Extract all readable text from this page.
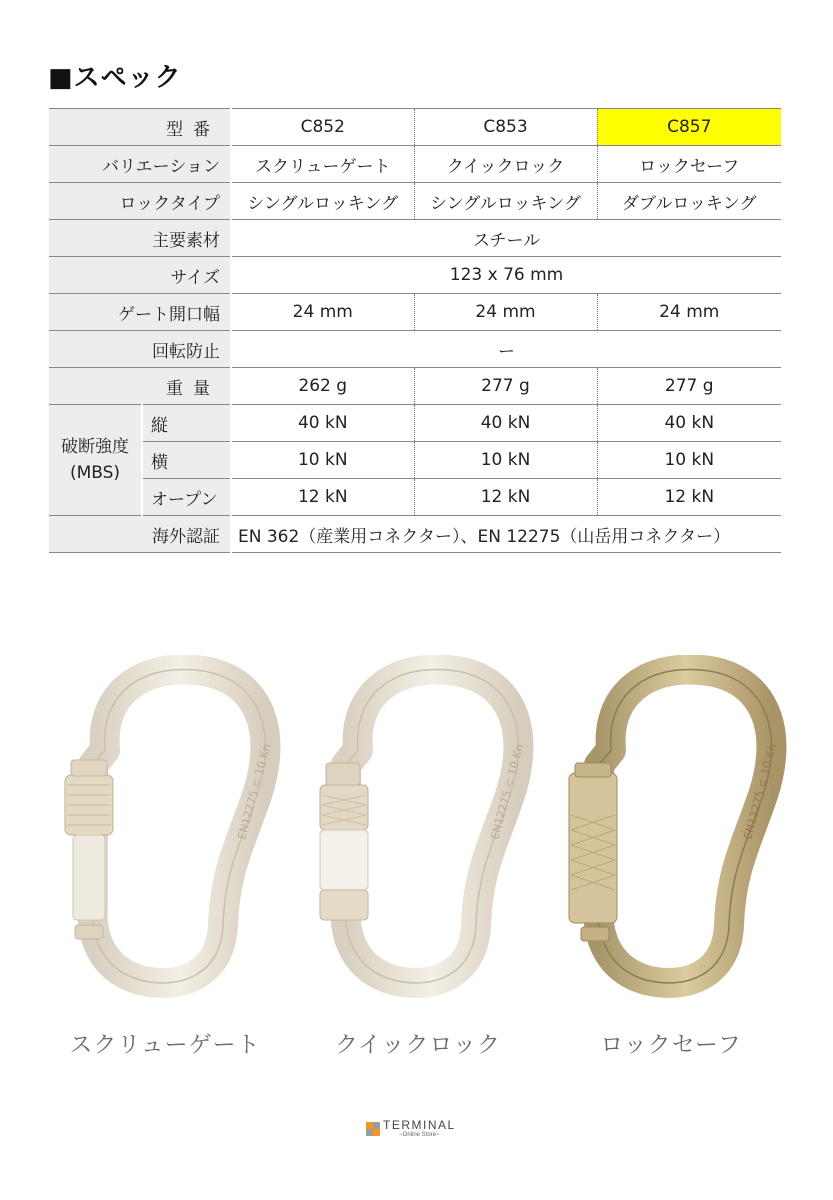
■スペック
型番		C852	C853	C857
バリエーション		スクリューゲート	クイックロック	ロックセーフ
ロックタイプ		シングルロッキング	シングルロッキング	ダブルロッキング
主要素材		スチール		
サイズ		123 x 76 mm		
ゲート開口幅		24 mm	24 mm	24 mm
回転防止		ー		
重量		262 g	277 g	277 g

破断強度
(MBS)	縦	40 kN	40 kN	40 kN
	横	10 kN	10 kN	10 kN
	オープン	12 kN	12 kN	12 kN
海外認証		EN 362（産業用コネクター）、EN 12275（山岳用コネクター）		
EN12275 ⊂ 10 Kn	EN12275 ⊂ 10 Kn	EN12275 ⊂ 10 Kn
スクリューゲート	クイックロック	ロックセーフ
TERMINAL
~Online Store~
